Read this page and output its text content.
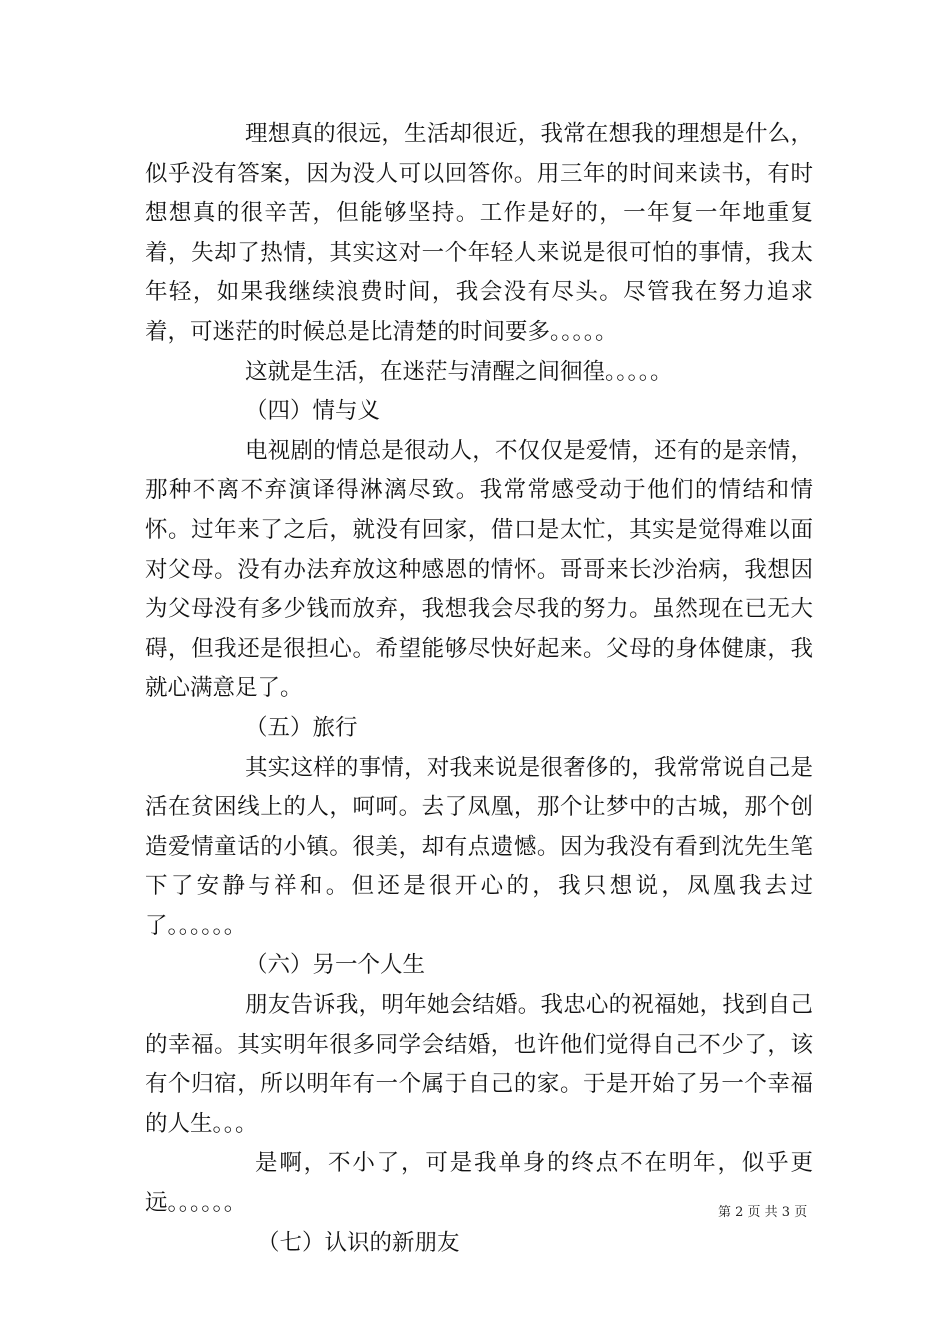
理想真的很远，生活却很近，我常在想我的理想是什么，似乎没有答案，因为没人可以回答你。用三年的时间来读书，有时想想真的很辛苦，但能够坚持。工作是好的，一年复一年地重复着，失却了热情，其实这对一个年轻人来说是很可怕的事情，我太年轻，如果我继续浪费时间，我会没有尽头。尽管我在努力追求着，可迷茫的时候总是比清楚的时间要多。。。。。

这就是生活，在迷茫与清醒之间徊徨。。。。。

（四）情与义

电视剧的情总是很动人，不仅仅是爱情，还有的是亲情，那种不离不弃演译得淋漓尽致。我常常感受动于他们的情结和情怀。过年来了之后，就没有回家，借口是太忙，其实是觉得难以面对父母。没有办法弃放这种感恩的情怀。哥哥来长沙治病，我想因为父母没有多少钱而放弃，我想我会尽我的努力。虽然现在已无大碍，但我还是很担心。希望能够尽快好起来。父母的身体健康，我就心满意足了。

（五）旅行

其实这样的事情，对我来说是很奢侈的，我常常说自己是活在贫困线上的人，呵呵。去了凤凰，那个让梦中的古城，那个创造爱情童话的小镇。很美，却有点遗憾。因为我没有看到沈先生笔下了安静与祥和。但还是很开心的，我只想说，凤凰我去过了。。。。。。

（六）另一个人生

朋友告诉我，明年她会结婚。我忠心的祝福她，找到自己的幸福。其实明年很多同学会结婚，也许他们觉得自己不少了，该有个归宿，所以明年有一个属于自己的家。于是开始了另一个幸福的人生。。。

是啊，不小了，可是我单身的终点不在明年，似乎更远。。。。。。

（七）认识的新朋友

第 2 页 共 3 页
